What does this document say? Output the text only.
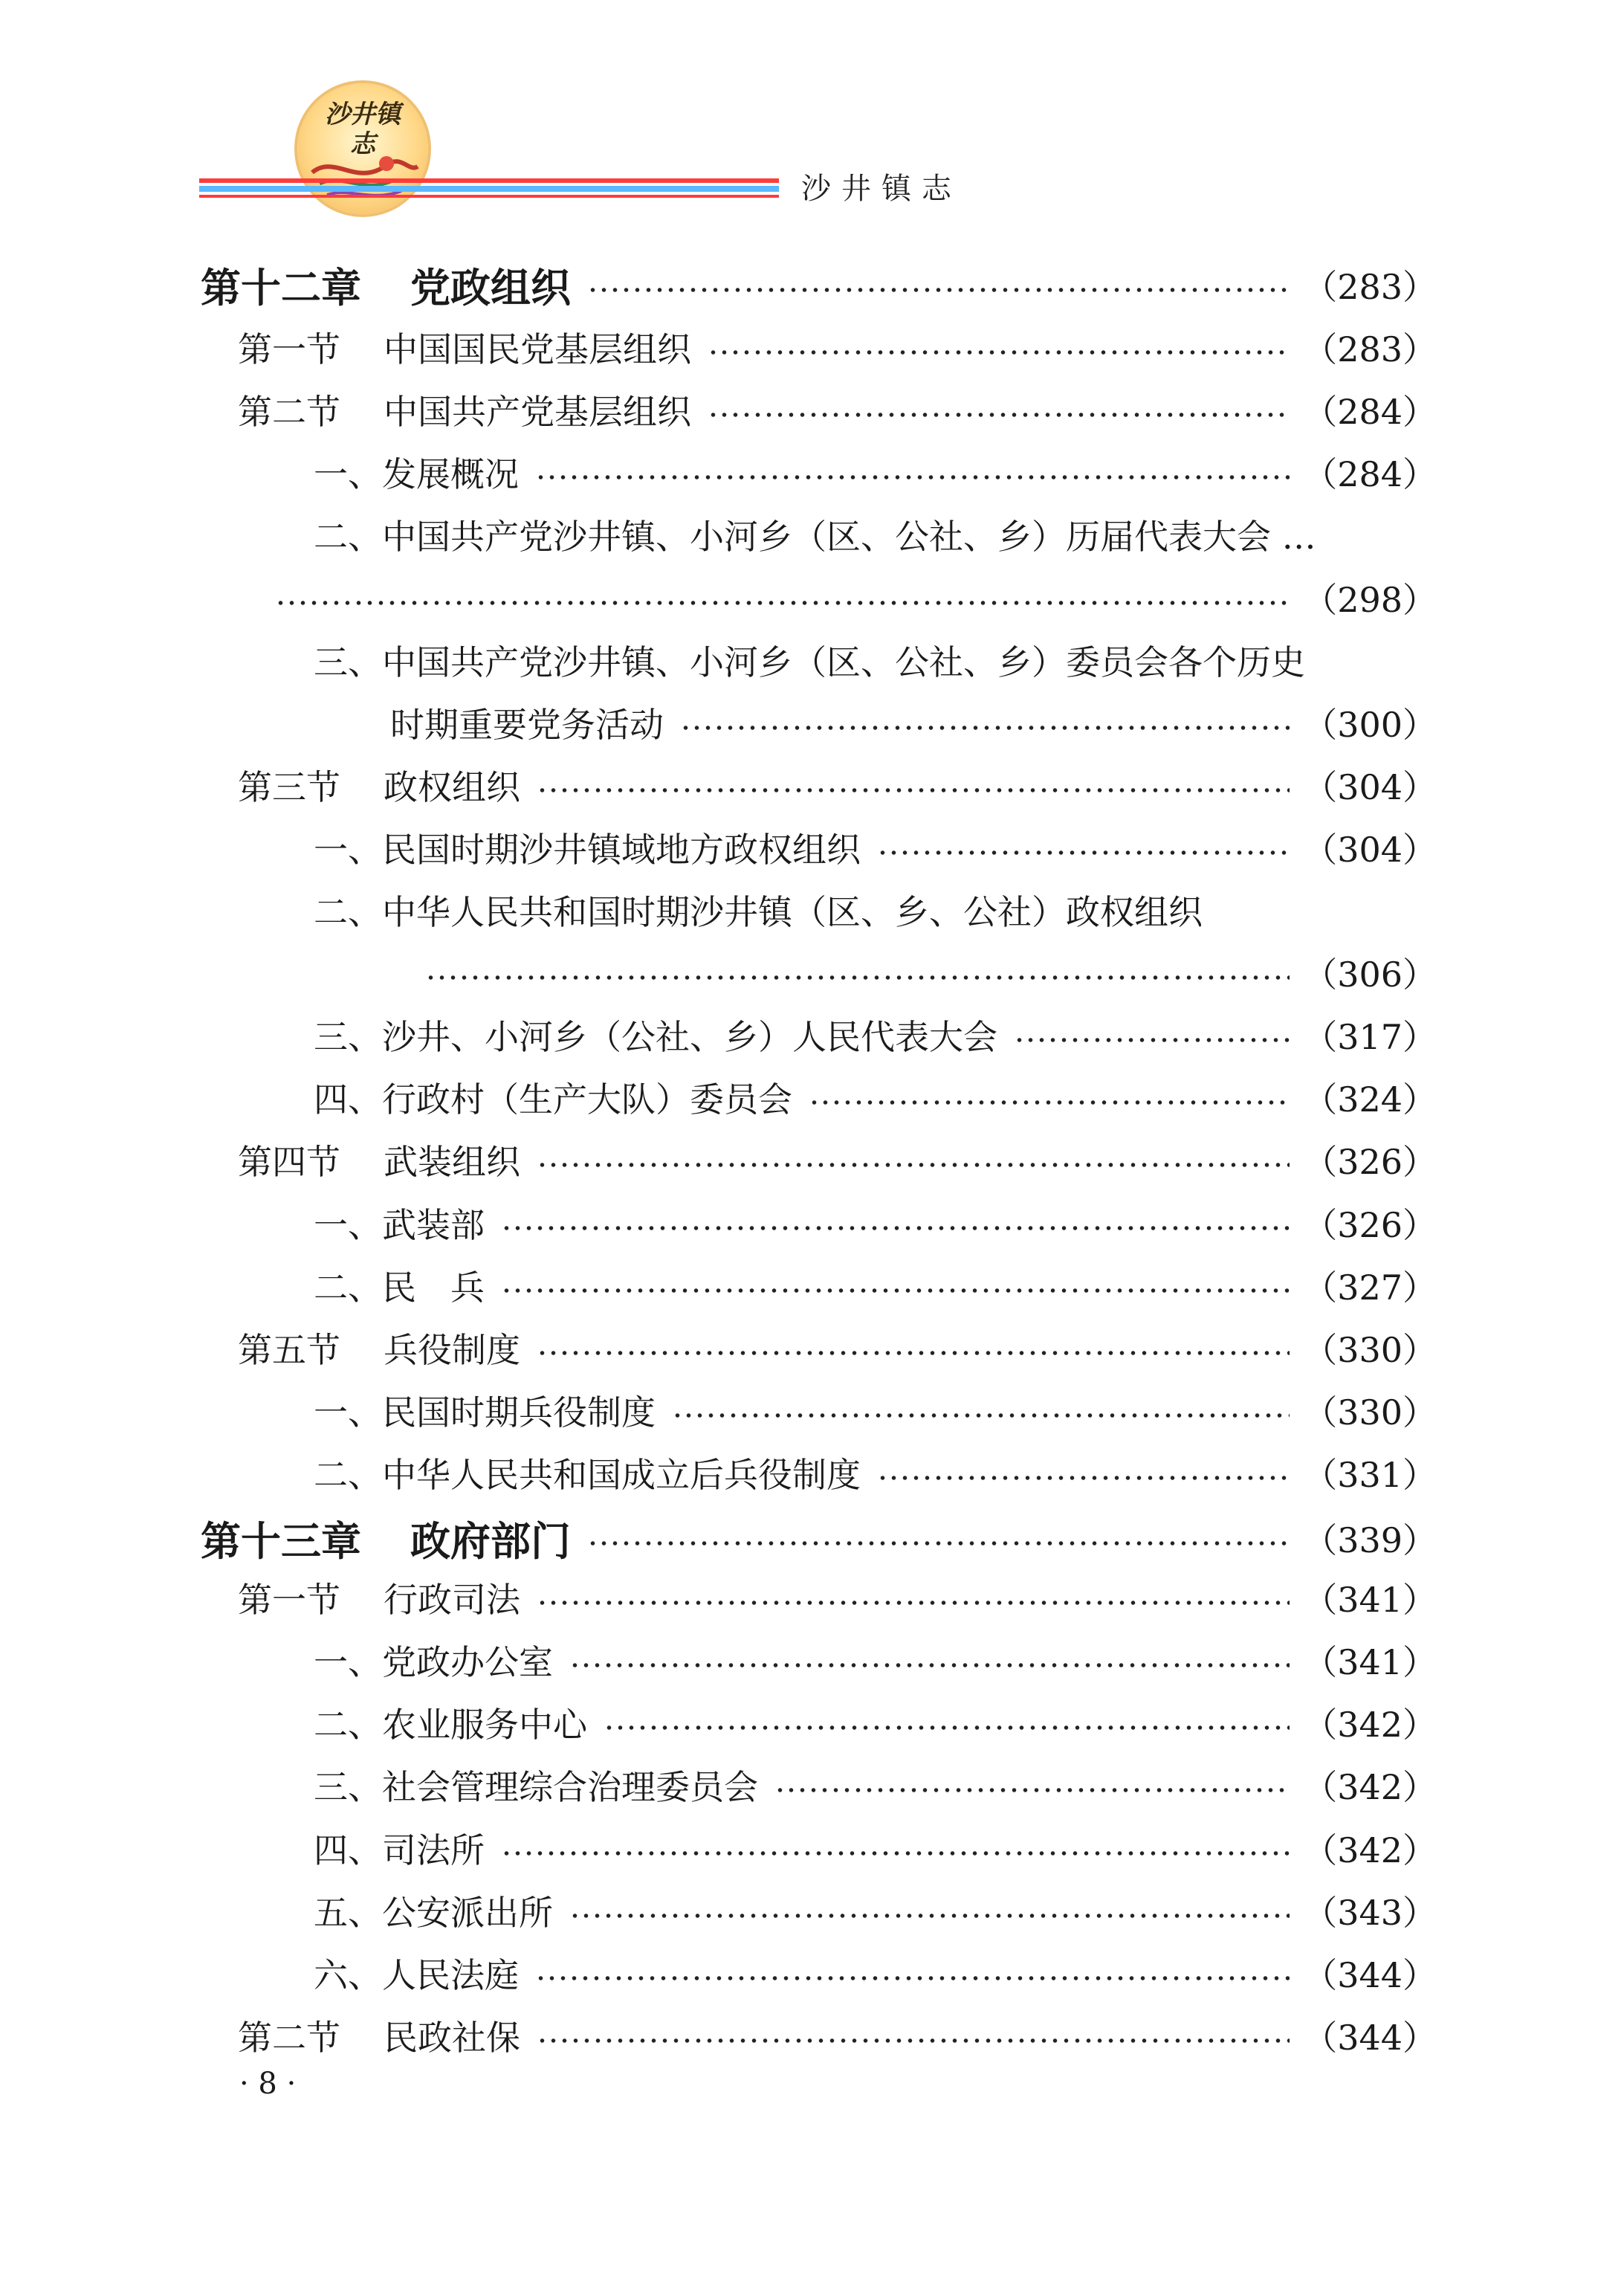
沙井镇志
沙井镇志
第十二章 党政组织	（283）
第一节 中国国民党基层组织	（283）
第二节 中国共产党基层组织	（284）
一、发展概况	（284）
二、中国共产党沙井镇、小河乡（区、公社、乡）历届代表大会 …
（298）
三、中国共产党沙井镇、小河乡（区、公社、乡）委员会各个历史
时期重要党务活动	（300）
第三节 政权组织	（304）
一、民国时期沙井镇域地方政权组织	（304）
二、中华人民共和国时期沙井镇（区、乡、公社）政权组织
（306）
三、沙井、小河乡（公社、乡）人民代表大会	（317）
四、行政村（生产大队）委员会	（324）
第四节 武装组织	（326）
一、武装部	（326）
二、民　兵	（327）
第五节 兵役制度	（330）
一、民国时期兵役制度	（330）
二、中华人民共和国成立后兵役制度	（331）
第十三章 政府部门	（339）
第一节 行政司法	（341）
一、党政办公室	（341）
二、农业服务中心	（342）
三、社会管理综合治理委员会	（342）
四、司法所	（342）
五、公安派出所	（343）
六、人民法庭	（344）
第二节 民政社保	（344）
· 8 ·
